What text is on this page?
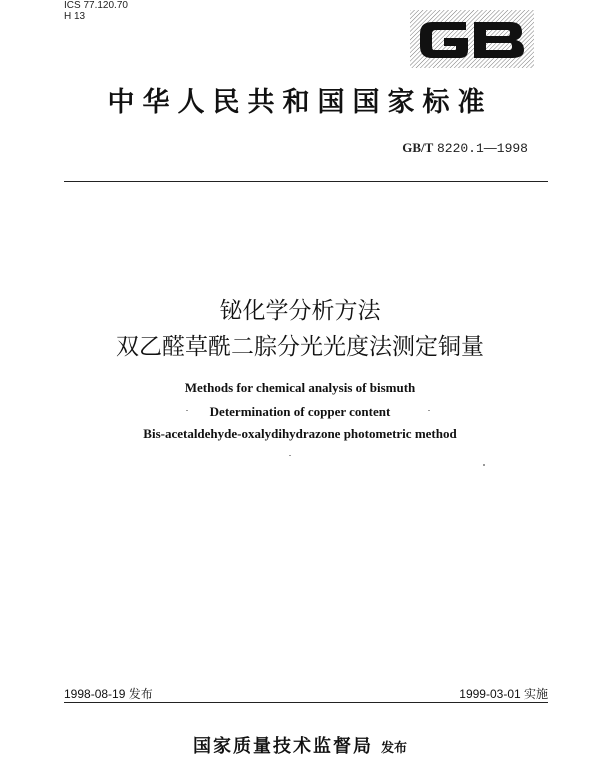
ICS 77.120.70
H 13
中华人民共和国国家标准
GB/T 8220.1—1998
铋化学分析方法
双乙醛草酰二腙分光光度法测定铜量
Methods for chemical analysis of bismuth
Determination of copper content
Bis-acetaldehyde-oxalydihydrazone photometric method
1998-08-19 发布	1999-03-01 实施
国家质量技术监督局 发布
